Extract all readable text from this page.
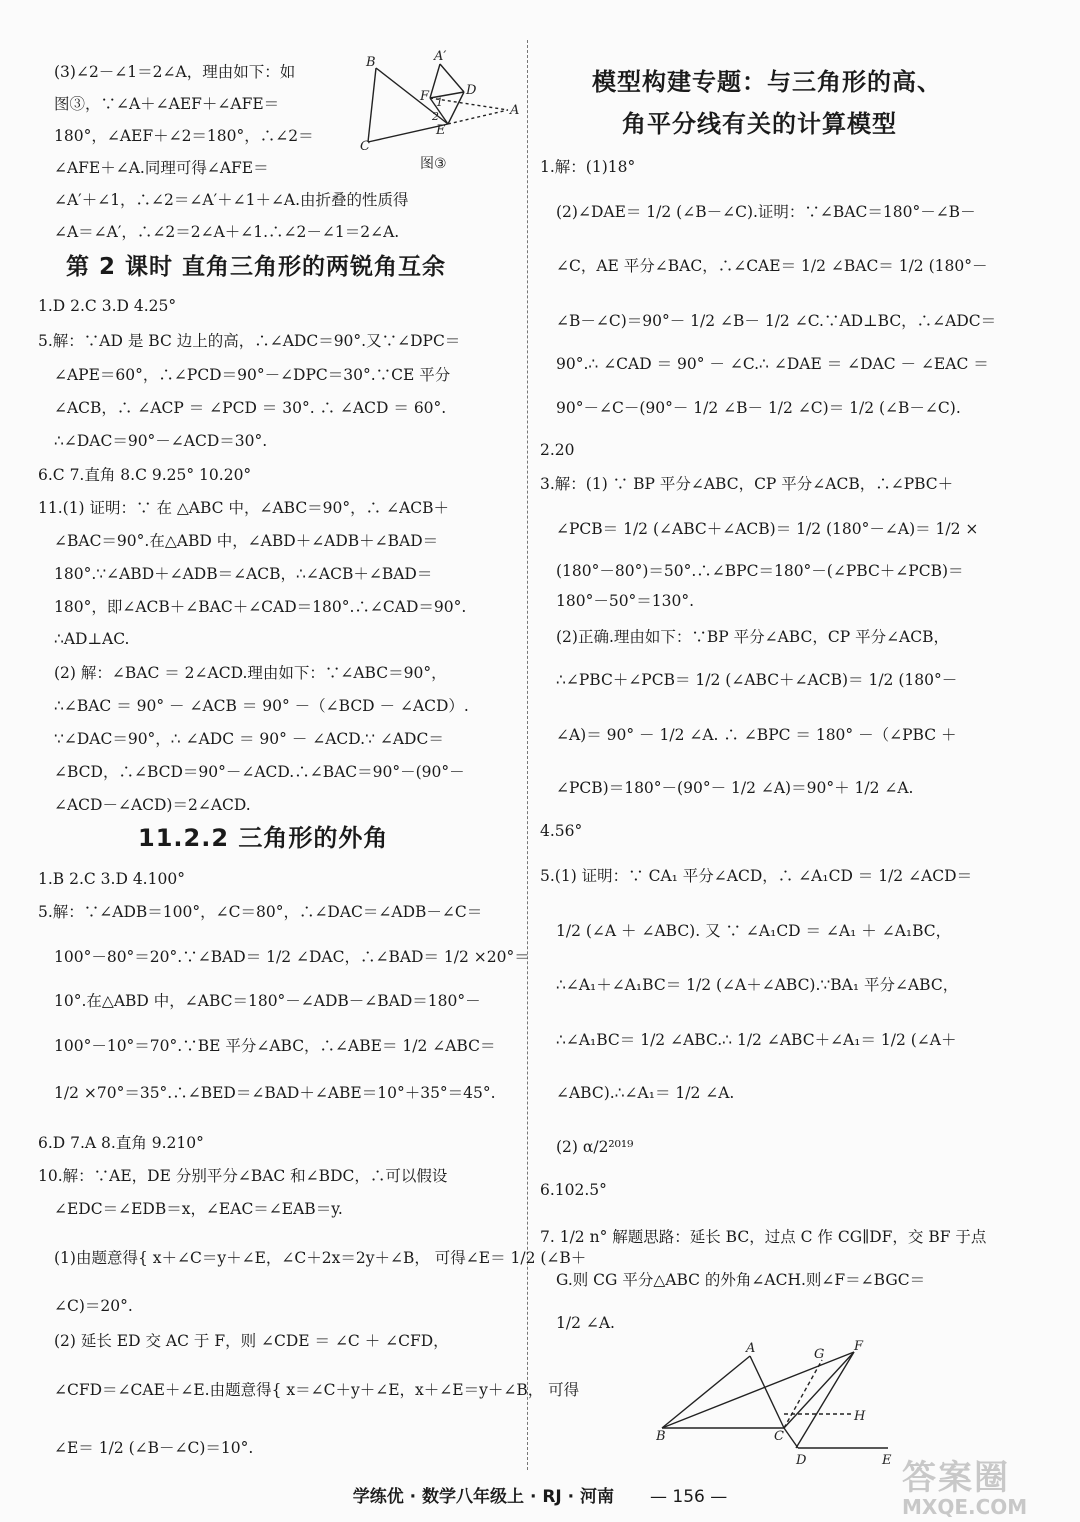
(3)∠2－∠1＝2∠A，理由如下：如
图③，∵∠A＋∠AEF＋∠AFE＝
180°，∠AEF＋∠2＝180°，∴∠2＝
∠AFE＋∠A.同理可得∠AFE＝
∠A′＋∠1，∴∠2＝∠A′＋∠1＋∠A.由折叠的性质得
∠A＝∠A′，∴∠2＝2∠A＋∠1.∴∠2－∠1＝2∠A.
1.D 2.C 3.D 4.25°
5.解：∵AD 是 BC 边上的高，∴∠ADC＝90°.又∵∠DPC＝
∠APE＝60°，∴∠PCD＝90°－∠DPC＝30°.∵CE 平分
∠ACB，∴ ∠ACP ＝ ∠PCD ＝ 30°. ∴ ∠ACD ＝ 60°.
∴∠DAC＝90°－∠ACD＝30°.
6.C 7.直角 8.C 9.25° 10.20°
11.(1) 证明：∵ 在 △ABC 中，∠ABC＝90°，∴ ∠ACB＋
∠BAC＝90°.在△ABD 中，∠ABD＋∠ADB＋∠BAD＝
180°.∵∠ABD＋∠ADB＝∠ACB，∴∠ACB＋∠BAD＝
180°，即∠ACB＋∠BAC＋∠CAD＝180°.∴∠CAD＝90°.
∴AD⊥AC.
(2) 解：∠BAC ＝ 2∠ACD.理由如下：∵∠ABC＝90°，
∴∠BAC ＝ 90° － ∠ACB ＝ 90° －（∠BCD － ∠ACD）.
∵∠DAC＝90°，∴ ∠ADC ＝ 90° － ∠ACD.∵ ∠ADC＝
∠BCD，∴∠BCD＝90°－∠ACD.∴∠BAC＝90°－(90°－
∠ACD－∠ACD)＝2∠ACD.
1.B 2.C 3.D 4.100°
5.解：∵∠ADB＝100°，∠C＝80°，∴∠DAC＝∠ADB－∠C＝
100°－80°＝20°.∵∠BAD＝ 1/2 ∠DAC，∴∠BAD＝ 1/2 ×20°＝
10°.在△ABD 中，∠ABC＝180°－∠ADB－∠BAD＝180°－
100°－10°＝70°.∵BE 平分∠ABC，∴∠ABE＝ 1/2 ∠ABC＝
1/2 ×70°＝35°.∴∠BED＝∠BAD＋∠ABE＝10°＋35°＝45°.
6.D 7.A 8.直角 9.210°
10.解：∵AE，DE 分别平分∠BAC 和∠BDC，∴可以假设
∠EDC＝∠EDB＝x，∠EAC＝∠EAB＝y.
(1)由题意得{ x＋∠C＝y＋∠E，∠C＋2x＝2y＋∠B， 可得∠E＝ 1/2 (∠B＋
∠C)＝20°.
(2) 延长 ED 交 AC 于 F，则 ∠CDE ＝ ∠C ＋ ∠CFD，
∠CFD＝∠CAE＋∠E.由题意得{ x＝∠C＋y＋∠E，x＋∠E＝y＋∠B， 可得
∠E＝ 1/2 (∠B－∠C)＝10°.
第 2 课时 直角三角形的两锐角互余
11.2.2 三角形的外角
B	A′
D
F
A
E
C
1
2
图③
模型构建专题：与三角形的高、
角平分线有关的计算模型
1.解：(1)18°
(2)∠DAE＝ 1/2 (∠B－∠C).证明：∵∠BAC＝180°－∠B－
∠C，AE 平分∠BAC，∴∠CAE＝ 1/2 ∠BAC＝ 1/2 (180°－
∠B－∠C)＝90°－ 1/2 ∠B－ 1/2 ∠C.∵AD⊥BC，∴∠ADC＝
90°.∴ ∠CAD ＝ 90° － ∠C.∴ ∠DAE ＝ ∠DAC － ∠EAC ＝
90°－∠C－(90°－ 1/2 ∠B－ 1/2 ∠C)＝ 1/2 (∠B－∠C).
2.20
3.解：(1) ∵ BP 平分∠ABC，CP 平分∠ACB，∴∠PBC＋
∠PCB＝ 1/2 (∠ABC＋∠ACB)＝ 1/2 (180°－∠A)＝ 1/2 ×
(180°－80°)＝50°.∴∠BPC＝180°－(∠PBC＋∠PCB)＝
180°－50°＝130°.
(2)正确.理由如下：∵BP 平分∠ABC，CP 平分∠ACB，
∴∠PBC＋∠PCB＝ 1/2 (∠ABC＋∠ACB)＝ 1/2 (180°－
∠A)＝ 90° － 1/2 ∠A. ∴ ∠BPC ＝ 180° －（∠PBC ＋
∠PCB)＝180°－(90°－ 1/2 ∠A)＝90°＋ 1/2 ∠A.
4.56°
5.(1) 证明：∵ CA₁ 平分∠ACD，∴ ∠A₁CD ＝ 1/2 ∠ACD＝
1/2 (∠A ＋ ∠ABC). 又 ∵ ∠A₁CD ＝ ∠A₁ ＋ ∠A₁BC，
∴∠A₁＋∠A₁BC＝ 1/2 (∠A＋∠ABC).∵BA₁ 平分∠ABC，
∴∠A₁BC＝ 1/2 ∠ABC.∴ 1/2 ∠ABC＋∠A₁＝ 1/2 (∠A＋
∠ABC).∴∠A₁＝ 1/2 ∠A.
(2) α/2²⁰¹⁹
6.102.5°
7. 1/2 n° 解题思路：延长 BC，过点 C 作 CG∥DF，交 BF 于点
G.则 CG 平分△ABC 的外角∠ACH.则∠F＝∠BGC＝
1/2 ∠A.
A
B	C
D	E
F
G
H
答案圈
MXQE.COM
学练优 · 数学八年级上 · RJ · 河南 — 156 —
